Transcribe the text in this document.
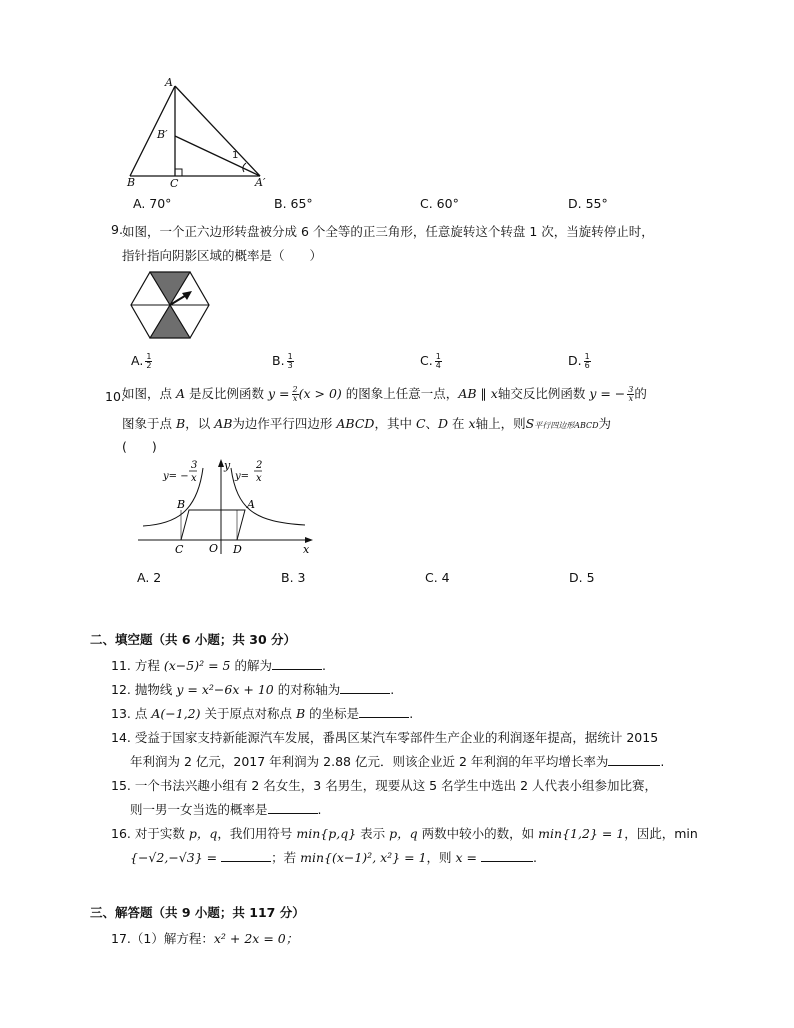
A
B′
B	C	A′
1
A. 70°	B. 65°	C. 60°	D. 55°
9. 如图，一个正六边形转盘被分成 6 个全等的正三角形，任意旋转这个转盘 1 次，当旋转停止时，
指针指向阴影区域的概率是（　　）
A. $\frac{1}{2}$	B. $\frac{1}{3}$	C. $\frac{1}{4}$	D. $\frac{1}{6}$
10.
如图，点 A 是反比例函数 $y = \frac{2}{x} (x > 0)$ 的图象上任意一点，AB ∥ x轴交反比例函数 y = − $\frac{3}{x}$ 的
图象于点 B，以 AB为边作平行四边形 ABCD，其中 C、D 在 x轴上，则S平行四边形ABCD为
(　　)
y= −
3
x	y=
2
x
y
x
O
A
B
C	D
A. 2	B. 3	C. 4	D. 5
二、填空题（共 6 小题；共 30 分）
11. 方程 (x−5)² = 5 的解为	.
12. 抛物线 y = x²−6x + 10 的对称轴为	.
13. 点 A(−1,2) 关于原点对称点 B 的坐标是	.
14. 受益于国家支持新能源汽车发展，番禺区某汽车零部件生产企业的利润逐年提高，据统计 2015
年利润为 2 亿元，2017 年利润为 2.88 亿元．则该企业近 2 年利润的年平均增长率为	.
15. 一个书法兴趣小组有 2 名女生，3 名男生，现要从这 5 名学生中选出 2 人代表小组参加比赛，
则一男一女当选的概率是	.
16. 对于实数 p，q，我们用符号 min{p,q} 表示 p，q 两数中较小的数，如 min{1,2} = 1，因此，min
{−√2,−√3} =	；若 min{(x−1)², x²} = 1，则 x =	.
三、解答题（共 9 小题；共 117 分）
17.（1）解方程：x² + 2x = 0；
